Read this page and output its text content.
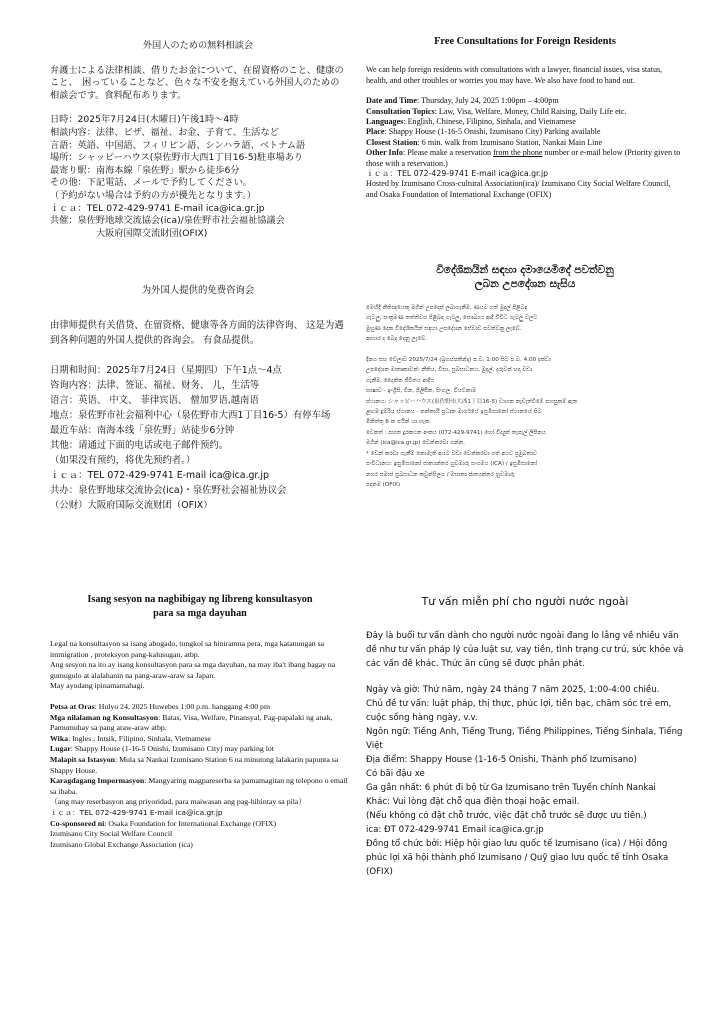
外国人のための無料相談会

弁護士による法律相談、借りたお金について、在留資格のこと、健康のこと、　困っていることなど、色々な不安を抱えている外国人のための相談会です。食料配布あります。

日時：2025年7月24日(木曜日)午後1時〜4時

相談内容：法律、ビザ、福祉、お金、子育て、生活など

言語：英語、中国語、フィリピン語、シンハラ語、ベトナム語

場所：シャッピーハウス(泉佐野市大西1丁目16-5)駐車場あり

最寄り駅：南海本線「泉佐野」駅から徒歩6分

その他：下記電話、メールで予約してください。

（予約がない場合は予約の方が優先となります。）

ｉｃａ：TEL 072-429-9741 E-mail ica@ica.gr.jp

共催：泉佐野地球交流協会(ica)/泉佐野市社会福祉協議会

大阪府国際交流財団(OFIX)

Free Consultations for Foreign Residents

We can help foreign residents with consultations with a lawyer, financial issues, visa status, health, and other troubles or worries you may have. We also have food to hand out.

Date and Time: Thursday, July 24, 2025 1:00pm – 4:00pm

Consultation Topics: Law, Visa, Welfare, Money, Child Raising, Daily Life etc.

Languages: English, Chinese, Filipino, Sinhala, and Vietnamese

Place: Shappy House (1-16-5 Onishi, Izumisano City) Parking available

Closest Station: 6 min. walk from Izumisano Station, Nankai Main Line

Other Info: Please make a reservation from the phone number or e-mail below (Priority given to those with a reservation.)

ｉｃａ：TEL 072-429-9741 E-mail ica@ica.gr.jp

Hosted by Izumisano Cross-cultural Association(ica)/ Izumisano City Social Welfare Council, and Osaka Foundation of International Exchange (OFIX)

为外国人提供的免费咨询会

由律师提供有关借贷、在留资格、健康等各方面的法律咨询、 这是为遇到各种问题的外国人提供的咨询会。 有食品提供。

日期和时间：2025年7月24日（星期四）下午1点〜4点

咨询内容：法律、签证、福祉、财务、 儿，生活等

语言：英语、 中文、 菲律宾语、 僧加罗语,越南语

地点：泉佐野市社会福利中心（泉佐野市大西1丁目16-5）有停车场

最近车站：南海本线「泉佐野」站徒步6分钟

其他：请通过下面的电话或电子邮件预约。

（如果没有预约，将优先预约者。）

ｉｃａ：TEL 072-429-9741 E-mail ica@ica.gr.jp

共办：泉佐野地球交流协会(ica)・泉佐野社会福祉协议会

（公财）大阪府国际交流财团（OFIX）

විදේශිකයින් සඳහා දමායෙමිදේ පවත්වනු

ලබන උපදේශන සැසිය

මෙහිදී නීතිඥයෙකු මගින් උපදෙස් ලබාගැනීම, ණයට ගත් මුදල් පිළිබඳ

ගැටලු, සංක්‍රමණ තත්ත්වය පිළිබඳ ගැටලු, සෞඛ්‍යය ආදී විවිධ ගැටලු වලට

මුහුණ දෙන විදේශිකයින් සඳහා උපදේශන සේවාව පවත්වනු ලැබේ.

ආහාර ද බෙදා දෙනු ලැබේ.

දිනය සහ වේලාව 2025/7/24 (බ්‍රහස්පතින්දා) ප.ව. 1:00 සිට ප.ව. 4:00 දක්වා

උපදේශන මාතෘකාවන්: නීතිය, වීසා, සුබසාධනය, මුදල්, දරුවන් හදා වඩා

ගැනීම, දෛනික ජීවිතය ආදිය

භාෂාව - ඉංග්‍රීසි, චීන, පිලිපීන, සිංහල, වියට්නාම

ස්ථානය: シャッピーハウス(泉佐野市大西1丁目16-5) වාහන නැවැත්වීමේ පහසුකම් ඇත

ළඟම දුම්රිය ස්ථානය - නන්කායි ප්‍රධාන මාර්ගයේ ඉසුමිසානෝ ස්ථානයේ සිට

මිනිත්තු 6 ක පයින් යා හැක.

වෙනත් : පහත දුරකථන අංකය (072-429-9741) හෝ විද්‍යුත් තැපැල් ලිපිනය

මගින් (ica@ica.gr.jp) වෙන්කරවා ගන්න.

* වෙන් කරවා ගැනීම් නොමැති අයට වඩා වෙන්කරවා ගත් අයට ප්‍රමුඛතාව

සංවිධානය: ඉසුමිසානෝ ජාත්‍යන්තර හුවමාරු සංගමය (ICA) / ඉසුමිසානෝ

නගර සමාජ සුබසාධන කවුන්සිලය / ඔසාකා ජාත්‍යන්තර හුවමාරු

පදනම (OFIX)

Isang sesyon na nagbibigay ng libreng konsultasyon

para sa mga dayuhan

Legal na konsultasyon sa isang abogado, tungkol sa hiniramna pera, mga katanungan sa immigration , proteksyon pang-kalusugan, atbp.

Ang sesyon na ito ay isang konsultasyon para sa mga dayuhan, na may iba't ibang bagay na gumugulo at alalahanin na pang-araw-araw sa Japan.

May ayudang ipinamamahagi.

Petsa at Oras: Hulyo 24, 2025 Huwebes 1:00 p.m. hanggang 4:00 pm

Mga nilalaman ng Konsultasyon: Batas, Visa, Welfare, Pinansyal, Pag-papalaki ng anak, Pamumuhay sa pang araw-araw atbp.

Wika: Ingles , Intsik, Filipino, Sinhala, Vietnamese

Lugar: Shappy House (1-16-5 Onishi, Izumisano City) may parking lot

Malapit sa Istasyon: Mula sa Nankai Izumisano Station 6 na minutong lalakarin papunta sa Shappy House.

Karagdagang Impormasyon: Mangyaring magpareserba sa pamamagitan ng telepono o email sa ibaba.

（ang may reserbasyon ang priyoridad, para maiwasan ang pag-hihintay sa pila）

ｉｃａ：TEL 072-429-9741 E-mail ica@ica.gr.jp

Co-sponsored ni: Osaka Foundation for International Exchange (OFIX)

Izumisano City Social Welfare Council

Izumisano Global Exchange Association (ica)

Tư vấn miễn phí cho người nước ngoài

Đây là buổi tư vấn dành cho người nước ngoài đang lo lắng về nhiều vấn đề như tư vấn pháp lý của luật sư, vay tiền, tình trạng cư trú, sức khỏe và các vấn đề khác. Thức ăn cũng sẽ được phân phát.

Ngày và giờ: Thứ năm, ngày 24 tháng 7 năm 2025, 1:00-4:00 chiều.

Chủ đề tư vấn: luật pháp, thị thực, phúc lợi, tiền bạc, chăm sóc trẻ em, cuộc sống hàng ngày, v.v.

Ngôn ngữ: Tiếng Anh, Tiếng Trung, Tiếng Philippines, Tiếng Sinhala, Tiếng Việt

Địa điểm: Shappy House (1-16-5 Onishi, Thành phố Izumisano)

Có bãi đậu xe

Ga gần nhất: 6 phút đi bộ từ Ga Izumisano trên Tuyến chính Nankai

Khác: Vui lòng đặt chỗ qua điện thoại hoặc email.

(Nếu không có đặt chỗ trước, việc đặt chỗ trước sẽ được ưu tiên.)

ica: ĐT 072-429-9741 Email ica@ica.gr.jp

Đồng tổ chức bởi: Hiệp hội giao lưu quốc tế Izumisano (ica) / Hội đồng phúc lợi xã hội thành phố Izumisano / Quỹ giao lưu quốc tế tỉnh Osaka (OFIX)
